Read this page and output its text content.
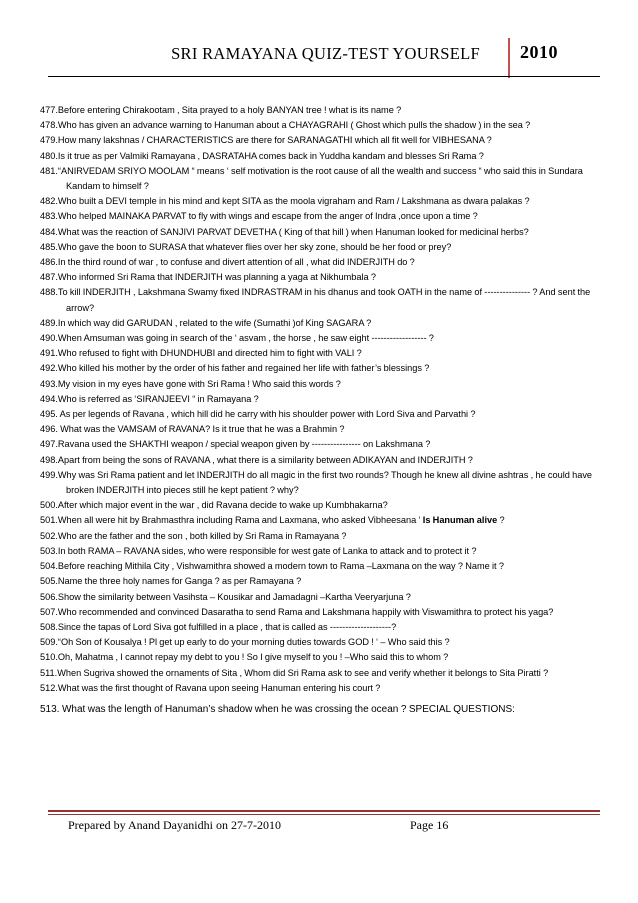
SRI RAMAYANA QUIZ-TEST YOURSELF 2010
477.Before entering Chirakootam , Sita prayed to a holy BANYAN tree ! what is its name ?
478.Who has given an advance warning to Hanuman about a CHAYAGRAHI ( Ghost which pulls the shadow ) in the sea ?
479.How many lakshnas / CHARACTERISTICS are there for SARANAGATHI which all fit well for VIBHESANA ?
480.Is it true as per Valmiki Ramayana , DASRATAHA comes back in Yuddha kandam and blesses Sri Rama ?
481.“ANIRVEDAM SRIYO MOOLAM “ means ‘ self motivation is the root cause of all the wealth and success “ who said this in Sundara Kandam to himself ?
482.Who built a DEVI temple in his mind and kept SITA as the moola vigraham and Ram / Lakshmana as dwara palakas ?
483.Who helped MAINAKA PARVAT to fly with wings and escape from the anger of Indra ,once upon a time ?
484.What was the reaction of SANJIVI PARVAT DEVETHA ( King of that hill ) when Hanuman looked for medicinal herbs?
485.Who gave the boon to SURASA that whatever flies over her sky zone, should be her food or prey?
486.In the third round of war , to confuse and divert attention of all , what did INDERJITH do ?
487.Who informed Sri Rama that INDERJITH was planning a yaga at Nikhumbala ?
488.To kill INDERJITH , Lakshmana Swamy fixed INDRASTRAM in his dhanus and took OATH in the name of --------------- ? And sent the arrow?
489.In which way did GARUDAN , related to the wife (Sumathi )of King SAGARA ?
490.When Amsuman was going in search of the ‘ asvam , the horse , he saw eight ------------------ ?
491.Who refused to fight with DHUNDHUBI and directed him to fight with VALI ?
492.Who killed his mother by the order of his father and regained her life with father’s blessings ?
493.My vision in my eyes have gone with Sri Rama ! Who said this words ?
494.Who is referred as ‘SIRANJEEVI “ in Ramayana ?
495. As per legends of Ravana , which hill did he carry with his shoulder power with Lord Siva and Parvathi ?
496. What was the VAMSAM of RAVANA? Is it true that he was a Brahmin ?
497.Ravana used the SHAKTHI weapon / special weapon given by ---------------- on Lakshmana ?
498.Apart from being the sons of RAVANA , what there is a similarity between ADIKAYAN and INDERJITH ?
499.Why was Sri Rama patient and let INDERJITH do all magic in the first two rounds? Though he knew all divine ashtras , he could have broken INDERJITH into pieces still he kept patient ? why?
500.After which major event in the war , did Ravana decide to wake up Kumbhakarna?
501.When all were hit by Brahmasthra including Rama and Laxmana, who asked Vibheesana ‘ Is Hanuman alive ?
502.Who are the father and the son , both killed by Sri Rama in Ramayana ?
503.In both RAMA – RAVANA sides, who were responsible for west gate of Lanka to attack and to protect it ?
504.Before reaching Mithila City , Vishwamithra showed a modern town to Rama –Laxmana on the way ? Name it ?
505.Name the three holy names for Ganga ? as per Ramayana ?
506.Show the similarity between Vasihsta – Kousikar and Jamadagni –Kartha Veeryarjuna ?
507.Who recommended and convinced Dasaratha to send Rama and Lakshmana happily with Viswamithra to protect his yaga?
508.Since the tapas of Lord Siva got fulfilled in a place , that is called as --------------------?
509.“Oh Son of Kousalya ! Pl get up early to do your morning duties towards GOD ! ‘ – Who said this ?
510.Oh, Mahatma , I cannot repay my debt to you ! So I give myself to you ! –Who said this to whom ?
511.When Sugriva showed the ornaments of Sita , Whom did Sri Rama ask to see and verify whether it belongs to Sita Piratti ?
512.What was the first thought of Ravana upon seeing Hanuman entering his court ?
513. What was the length of Hanuman’s shadow when he was crossing the ocean ? SPECIAL QUESTIONS:
Prepared by Anand Dayanidhi on 27-7-2010	Page 16
